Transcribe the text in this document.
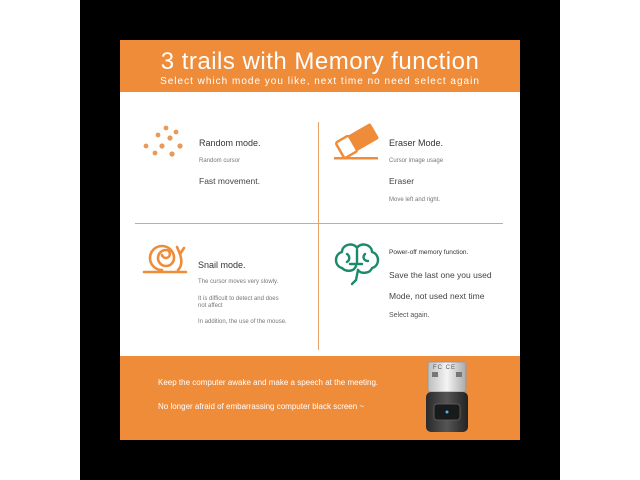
3 trails with Memory function
Select which mode you like, next time no need select again
Random mode.
Random cursor
Fast movement.
Eraser Mode.
Cursor image usage
Eraser
Move left and right.
Snail mode.
The cursor moves very slowly.
It is difficult to detect and does
not affect
In addition, the use of the mouse.
Power-off memory function.
Save the last one you used
Mode, not used next time
Select again.
Keep the computer awake and make a speech at the meeting.
No longer afraid of embarrassing computer black screen ~
FC CE
